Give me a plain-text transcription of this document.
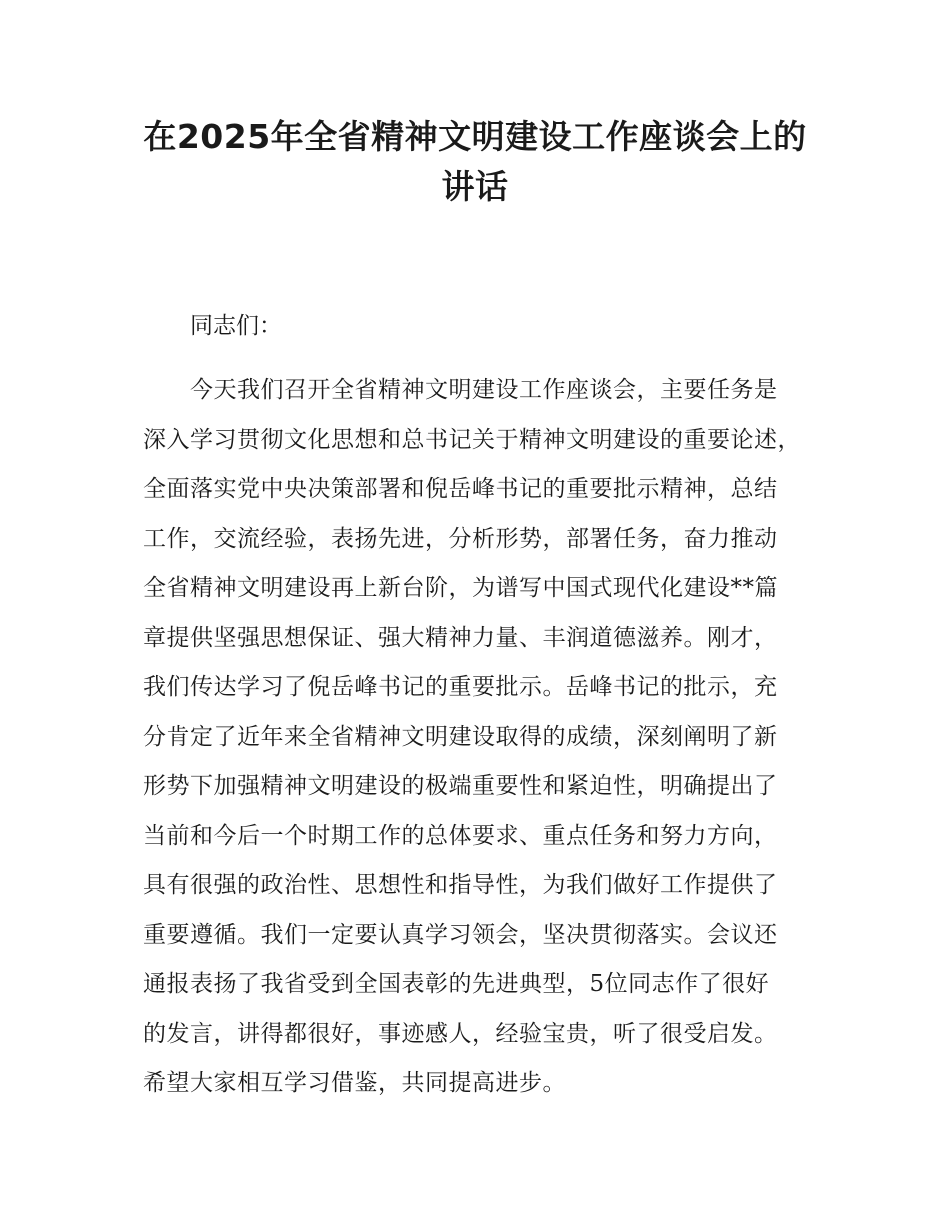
在2025年全省精神文明建设工作座谈会上的
讲话

同志们：

今天我们召开全省精神文明建设工作座谈会，主要任务是
深入学习贯彻文化思想和总书记关于精神文明建设的重要论述，
全面落实党中央决策部署和倪岳峰书记的重要批示精神，总结
工作，交流经验，表扬先进，分析形势，部署任务，奋力推动
全省精神文明建设再上新台阶，为谱写中国式现代化建设**篇
章提供坚强思想保证、强大精神力量、丰润道德滋养。刚才，
我们传达学习了倪岳峰书记的重要批示。岳峰书记的批示，充
分肯定了近年来全省精神文明建设取得的成绩，深刻阐明了新
形势下加强精神文明建设的极端重要性和紧迫性，明确提出了
当前和今后一个时期工作的总体要求、重点任务和努力方向，
具有很强的政治性、思想性和指导性，为我们做好工作提供了
重要遵循。我们一定要认真学习领会，坚决贯彻落实。会议还
通报表扬了我省受到全国表彰的先进典型，5位同志作了很好
的发言，讲得都很好，事迹感人，经验宝贵，听了很受启发。
希望大家相互学习借鉴，共同提高进步。
